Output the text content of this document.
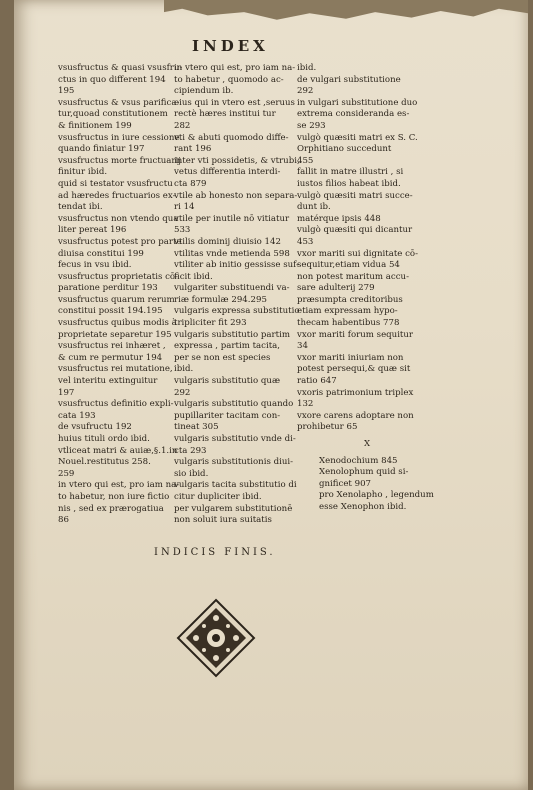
INDEX
vsusfructus & quasi vsusfru-
ctus in quo different 194
195
vsusfructus & vsus parifica-
tur,quoad constitutionem
& finitionem 199
vsusfructus in iure cessione
quando finiatur 197
vsusfructus morte fructuarij
finitur ibid.
quid si testator vsusfructu
ad hæredes fructuarios ex-
tendat ibi.
vsusfructus non vtendo qua
liter pereat 196
vsusfructus potest pro parte
diuisa constitui 199
fecus in vsu ibid.
vsusfructus proprietatis cō-
paratione perditur 193
vsusfructus quarum rerum
constitui possit 194.195
vsusfructus quibus modis à
proprietate separetur 195
vsusfructus rei inhæret ,
& cum re permutur 194
vsusfructus rei mutatione,
vel interitu extinguitur
197
vsusfructus definitio expli-
cata 193
de vsufructu 192
huius tituli ordo ibid.
vtliceat matri & auiæ,§.1.in
Nouel.restitutus 258.
259
in vtero qui est, pro iam na-
to habetur, non iure fictio
nis , sed ex prærogatiua
86
in vtero qui est, pro iam na-
to habetur , quomodo ac-
cipiendum ib.
eius qui in vtero est ,seruus
rectè hæres institui tur
282
vti & abuti quomodo diffe-
rant 196
inter vti possidetis, & vtrubi,
vetus differentia interdi-
cta 879
vtile ab honesto non separa-
ri 14
vtile per inutile nō vitiatur
533
vtilis dominij diuisio 142
vtilitas vnde metienda 598
vtiliter ab initio gessisse suf-
ficit ibid.
vulgariter substituendi va-
riæ formulæ 294.295
vulgaris expressa substitutio
tripliciter fit 293
vulgaris substitutio partim
expressa , partim tacita,
per se non est species
ibid.
vulgaris substitutio quæ
292
vulgaris substitutio quando
pupillariter tacitam con-
tineat 305
vulgaris substitutio vnde di-
cta 293
vulgaris substitutionis diui-
sio ibid.
vulgaris tacita substitutio di
citur dupliciter ibid.
per vulgarem substitutionē
non soluit iura suitatis
ibid.
de vulgari substitutione
292
in vulgari substitutione duo
extrema consideranda es-
se 293
vulgò quæsiti matri ex S. C.
Orphitiano succedunt
455
fallit in matre illustri , si
iustos filios habeat ibid.
vulgò quæsiti matri succe-
dunt ib.
matérque ipsis 448
vulgò quæsiti qui dicantur
453
vxor mariti sui dignitate cō-
sequitur,etiam vidua 54
non potest maritum accu-
sare adulterij 279
præsumpta creditoribus
etiam expressam hypo-
thecam habentibus 778
vxor mariti forum sequitur
34
vxor mariti iniuriam non
potest persequi,& quæ sit
ratio 647
vxoris patrimonium triplex
132
vxore carens adoptare non
prohibetur 65
X
Xenodochium 845
Xenolophum quid si-
gnificet 907
pro Xenolapho , legendum
esse Xenophon ibid.
INDICIS FINIS.
